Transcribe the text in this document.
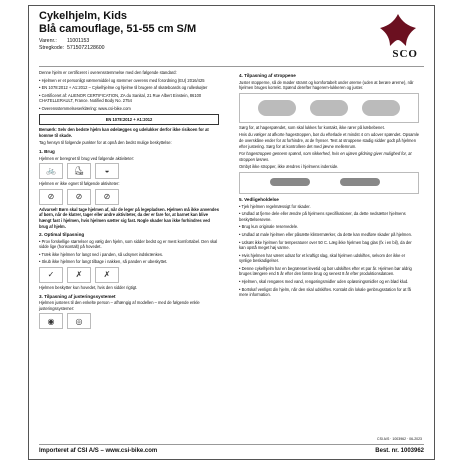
Cykelhjelm, Kids
Blå camouflage, 51-55 cm S/M
Varenr.: 11001153
Stregkode: 5715072128600	SCO

Denne hjelm er certificeret i overensstemmelse med den følgende standard:

• Hjelmen er et personligt værnemiddel og stemmer overens med forordning (EU) 2016/425

• EN 1078:2012 + A1:2012 – Cykelhjelme og hjelme til brugere af skateboards og rulleskøjter

• Certificeret af: ALIENOR CERTIFICATION, ZA du Sanital, 21 Rue Albert Einstein, 86100 CHATELLERAULT, France. Notified Body No. 2754

• Overensstemmelseserklæring: www.csi-bike.com

EN 1078:2012 + A1:2012

Bemærk: Selv den bedste hjelm kan ødelægges og udelukker derfor ikke risikoen for at komme til skade.

Tag hensyn til følgende punkter for at opnå den bedst mulige beskyttelse:

1. Brug

Hjelmen er beregnet til brug ved følgende aktiviteter:

🚲	⛸	◒

Hjelmen er ikke egnet til følgende aktiviteter:

⊘	⊘	⊘

Advarsel! Børn skal tage hjelmen af, når de leger på legepladsen. Hjelmen må ikke anvendes af børn, når de klatrer, tager eller andre aktiviteter, da der er fare for, at barnet kan blive hængt fast i hjelmen, hvis hjelmen sætter sig fast. Nogle skader kan ikke forhindres ved brug af hjelm.

2. Optimal tilpasning

• Prov forskellige størrelser og vælg den hjelm, som sidder bedst og er mest komfortabel. Den skal sidde lige (horisontalt) på hovedet.

• Træk ikke hjelmen for langt ned i panden, så udsynet indskrænkes.

• Skub ikke hjelmen for langt tilbage i nakken, så panden er ubeskyttet.

✓	✗	✗

Hjelmen beskytter kun hovedet, hvis den sidder rigtigt.

3. Tilpasning af justeringssystemet

Hjelmen justeres til den enkelte person – afhængig af modellen – med de følgende enkle justeringssystemer:

◉	◎
4. Tilpasning af stroppene

Juster stopperne, så de møder stramt og komfortabelt under ørerne (uden at berøre ørerne), når hjelmen bruges korrekt. Spænd derefter hagerem-lukkeren og juster.

Sørg for, at hagespændet, som skal lukkes for kontakt, ikke rører på kæbebenet.

Hvis du vælger at afkorte hagestroppen, bør du efterlade et mindst 4 cm udover spændet. Opsamle de overskåne ender for at forhindre, at de frynser. Test at stroppene stadig sidder godt på hjelmen efter justering. Sørg for at kontrollere det med jævne mellemrum.

For hagestroppen gennem spænd, som sikkerhed, hvis en ujævn glidning giver mulighed for, at stroppen løsnes.

Ombyt ikke stropper, ikke ændres i hjelmens inderside.

5. Vedligeholdelse

• Tjek hjelmen regelmæssigt for skader.

• Undlad at fjerne dele eller ændre på hjelmens specifikationer, da dette nedsætter hjelmens beskyttelsesevne.

• Brug kun originale reservedele.

• Undlad at male hjelmen eller påsætte klistermærker, da dette kan medføre skader på hjelmen.

• Udsæt ikke hjelmen for temperaturer over 50 C. Læg ikke hjelmen bag glas (fx i en bil), da der kan opstå meget høj varme.

• Hvis hjelmen har været udsat for et kraftigt slag, skal hjelmen udskiftes, selvom der ikke er synlige beskadigelser.

• Denne cykelhjelm har en begrænset levetid og bør udskiftes efter et par år. Hjelmen bør aldrig bruges længere end 5 år efter den første brug og senest 8 år efter produktionsdatoen.

• Hjelmen, skal rengøres med vand, rengøringsmidler uden opløsningsmidler og en blød klud.

• Bortskaf venligst din hjelm, når den skal udskiftes. Kontakt din lokale genbrugsstation for at få mere information.

CSI A/S · 1003962 · 06-2023
Importeret af CSI A/S – www.csi-bike.com	Best. nr. 1003962
